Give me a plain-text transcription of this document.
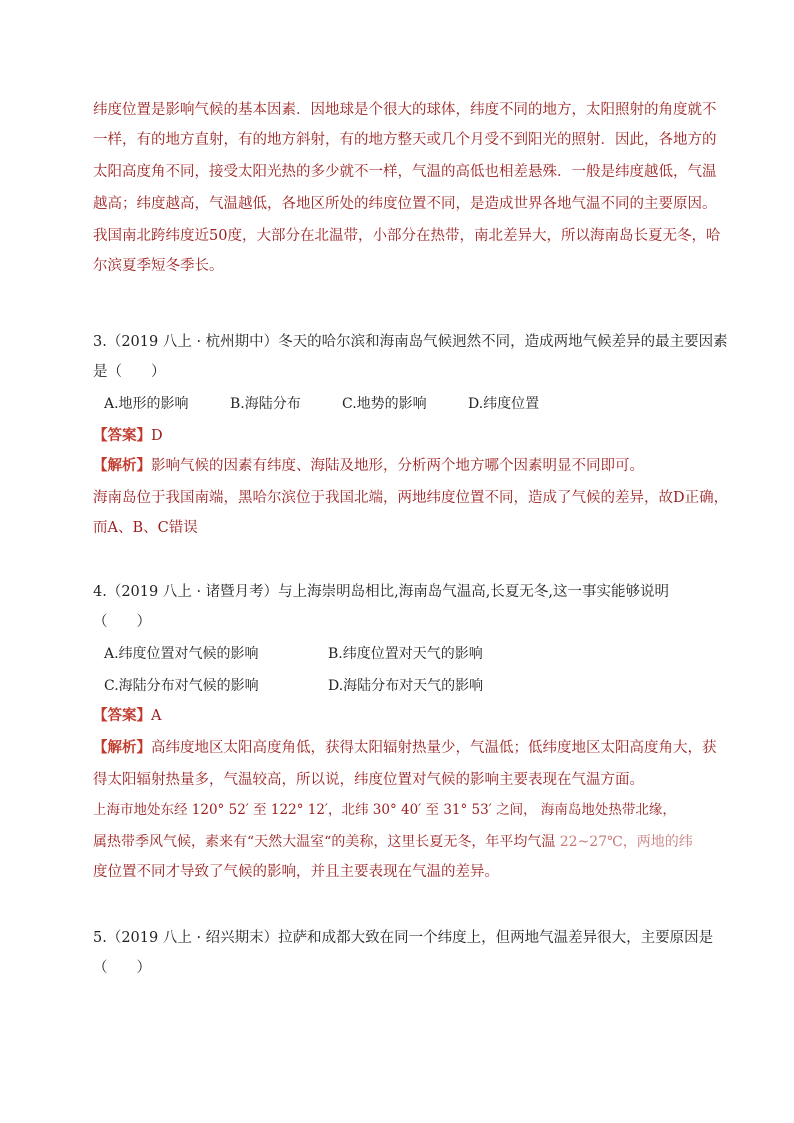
纬度位置是影响气候的基本因素．因地球是个很大的球体，纬度不同的地方，太阳照射的角度就不
一样，有的地方直射，有的地方斜射，有的地方整天或几个月受不到阳光的照射．因此，各地方的
太阳高度角不同，接受太阳光热的多少就不一样，气温的高低也相差悬殊．一般是纬度越低，气温
越高；纬度越高，气温越低，各地区所处的纬度位置不同，是造成世界各地气温不同的主要原因。
我国南北跨纬度近50度，大部分在北温带，小部分在热带，南北差异大，所以海南岛长夏无冬，哈
尔滨夏季短冬季长。
3.（2019 八上 · 杭州期中）冬天的哈尔滨和海南岛气候迥然不同，造成两地气候差异的最主要因素
是（　　）
A.地形的影响	B.海陆分布	C.地势的影响	D.纬度位置
【答案】D
【解析】影响气候的因素有纬度、海陆及地形，分析两个地方哪个因素明显不同即可。
海南岛位于我国南端，黑哈尔滨位于我国北端，两地纬度位置不同，造成了气候的差异，故D正确，
而A、B、C错误
4.（2019 八上 · 诸暨月考）与上海崇明岛相比,海南岛气温高,长夏无冬,这一事实能够说明
（　　）
A.纬度位置对气候的影响	B.纬度位置对天气的影响
C.海陆分布对气候的影响	D.海陆分布对天气的影响
【答案】A
【解析】高纬度地区太阳高度角低，获得太阳辐射热量少，气温低；低纬度地区太阳高度角大，获
得太阳辐射热量多，气温较高，所以说，纬度位置对气候的影响主要表现在气温方面。
上海市地处东经 120° 52′ 至 122° 12′，北纬 30° 40′ 至 31° 53′ 之间， 海南岛地处热带北缘，
属热带季风气候，素来有“天然大温室“的美称，这里长夏无冬，年平均气温 22~27℃，两地的纬
度位置不同才导致了气候的影响，并且主要表现在气温的差异。
5.（2019 八上 · 绍兴期末）拉萨和成都大致在同一个纬度上，但两地气温差异很大，主要原因是
（　　）
